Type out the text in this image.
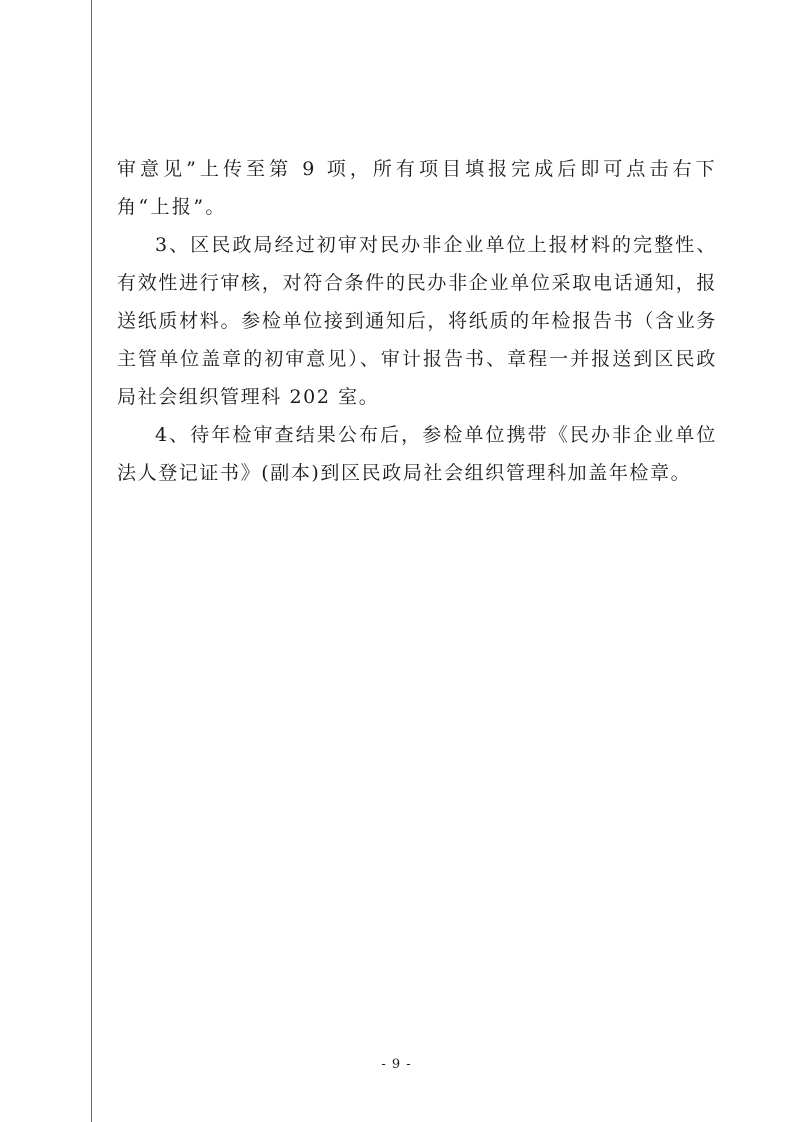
审意见”上传至第 9 项，所有项目填报完成后即可点击右下角“上报”。

3、区民政局经过初审对民办非企业单位上报材料的完整性、有效性进行审核，对符合条件的民办非企业单位采取电话通知，报送纸质材料。参检单位接到通知后，将纸质的年检报告书（含业务主管单位盖章的初审意见）、审计报告书、章程一并报送到区民政局社会组织管理科 202 室。

4、待年检审查结果公布后，参检单位携带《民办非企业单位法人登记证书》(副本)到区民政局社会组织管理科加盖年检章。

- 9 -
